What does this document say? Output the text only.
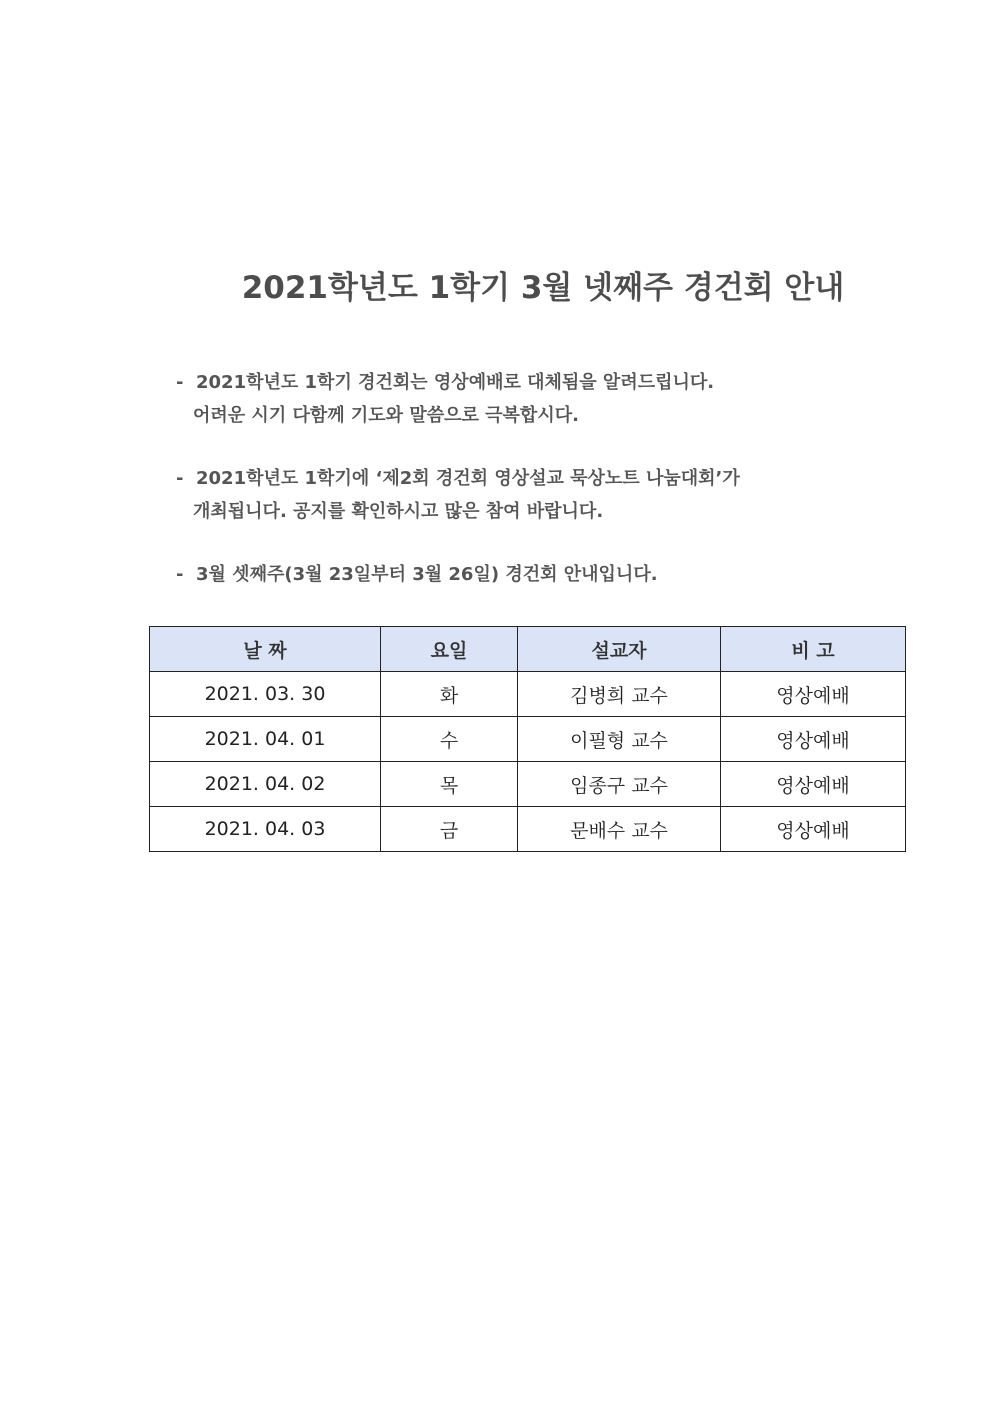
2021학년도 1학기 3월 넷째주 경건회 안내
- 2021학년도 1학기 경건회는 영상예배로 대체됨을 알려드립니다.
어려운 시기 다함께 기도와 말씀으로 극복합시다.
- 2021학년도 1학기에 ‘제2회 경건회 영상설교 묵상노트 나눔대회’가
개최됩니다. 공지를 확인하시고 많은 참여 바랍니다.
- 3월 셋째주(3월 23일부터 3월 26일) 경건회 안내입니다.
날 짜	요일	설교자	비 고
2021. 03. 30	화	김병희 교수	영상예배
2021. 04. 01	수	이필형 교수	영상예배
2021. 04. 02	목	임종구 교수	영상예배
2021. 04. 03	금	문배수 교수	영상예배
